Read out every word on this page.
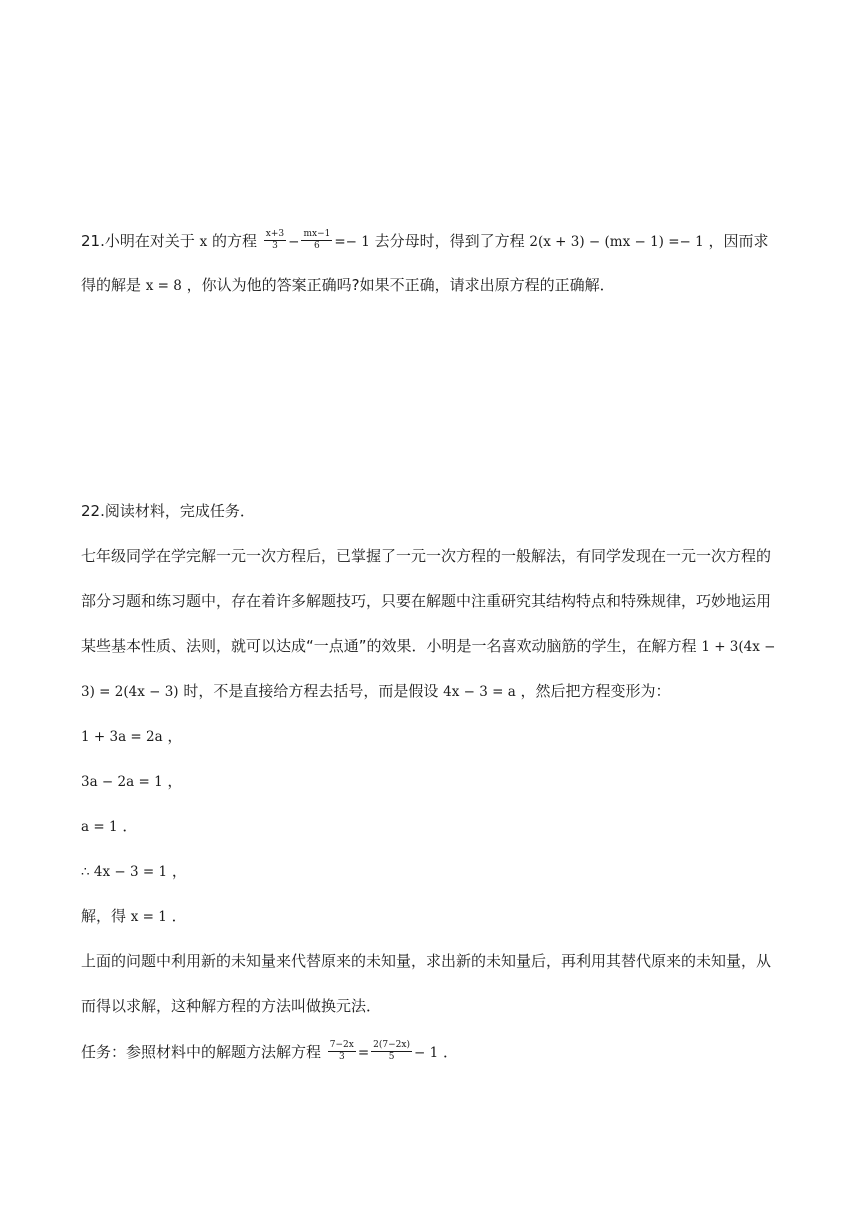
21.小明在对关于 x 的方程 $\frac{x+3}{3} - \frac{mx-1}{6} =- 1$ 去分母时，得到了方程 2(x + 3) − (mx − 1) =− 1 ，因而求
得的解是 x = 8 ，你认为他的答案正确吗?如果不正确，请求出原方程的正确解．
22.阅读材料，完成任务．
七年级同学在学完解一元一次方程后，已掌握了一元一次方程的一般解法，有同学发现在一元一次方程的
部分习题和练习题中，存在着许多解题技巧，只要在解题中注重研究其结构特点和特殊规律，巧妙地运用
某些基本性质、法则，就可以达成“一点通”的效果．小明是一名喜欢动脑筋的学生，在解方程 1 + 3(4x −
3) = 2(4x − 3) 时，不是直接给方程去括号，而是假设 4x − 3 = a ，然后把方程变形为：
1 + 3a = 2a ，
3a − 2a = 1 ，
a = 1 ．
∴ 4x − 3 = 1 ，
解，得 x = 1 ．
上面的问题中利用新的未知量来代替原来的未知量，求出新的未知量后，再利用其替代原来的未知量，从
而得以求解，这种解方程的方法叫做换元法．
任务：参照材料中的解题方法解方程 $\frac{7-2x}{3} = \frac{2(7-2x)}{5} - 1$ ．
